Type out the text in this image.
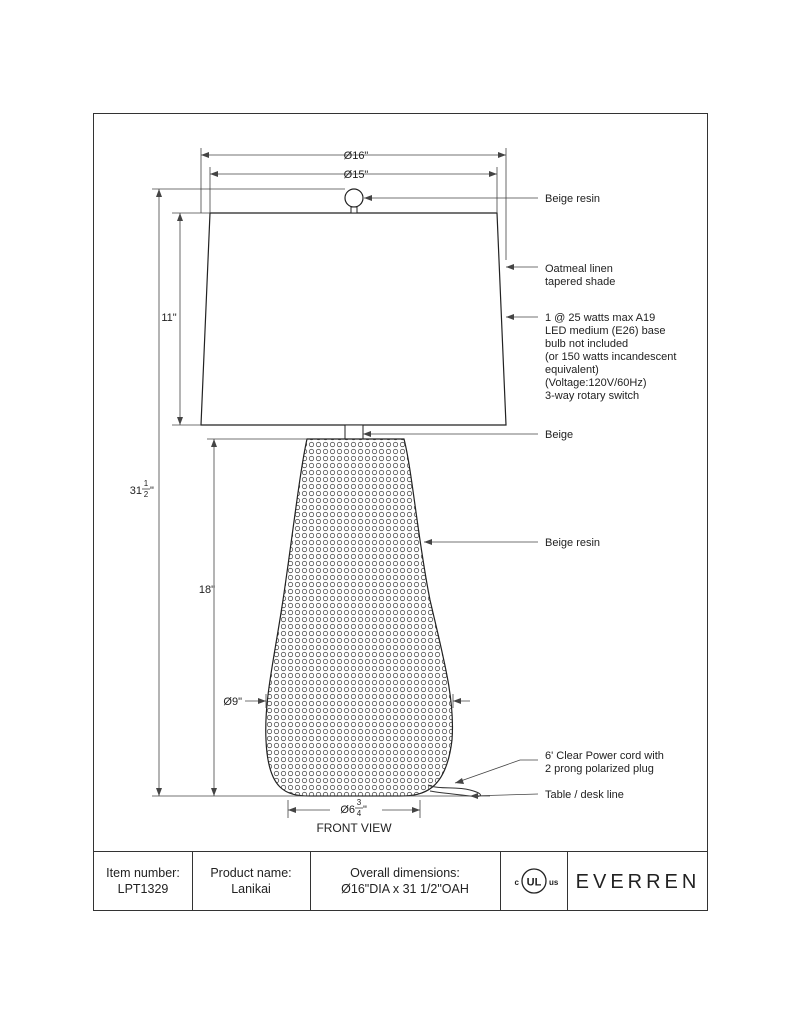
Ø16"
Ø15"
11"
31
1
2 "
18"
Ø9"
Ø6
3
4 "
FRONT VIEW
Beige resin
Oatmeal linen
tapered shade
1 @ 25 watts max A19
LED medium (E26) base
bulb not included
(or 150 watts incandescent
equivalent)
(Voltage:120V/60Hz)
3-way rotary switch
Beige
Beige resin
6' Clear Power cord with
2 prong polarized plug
Table / desk line
Item number:
LPT1329
Product name:
Lanikai
Overall dimensions:
Ø16"DIA x 31 1/2"OAH	UL
c	us EVERREN
